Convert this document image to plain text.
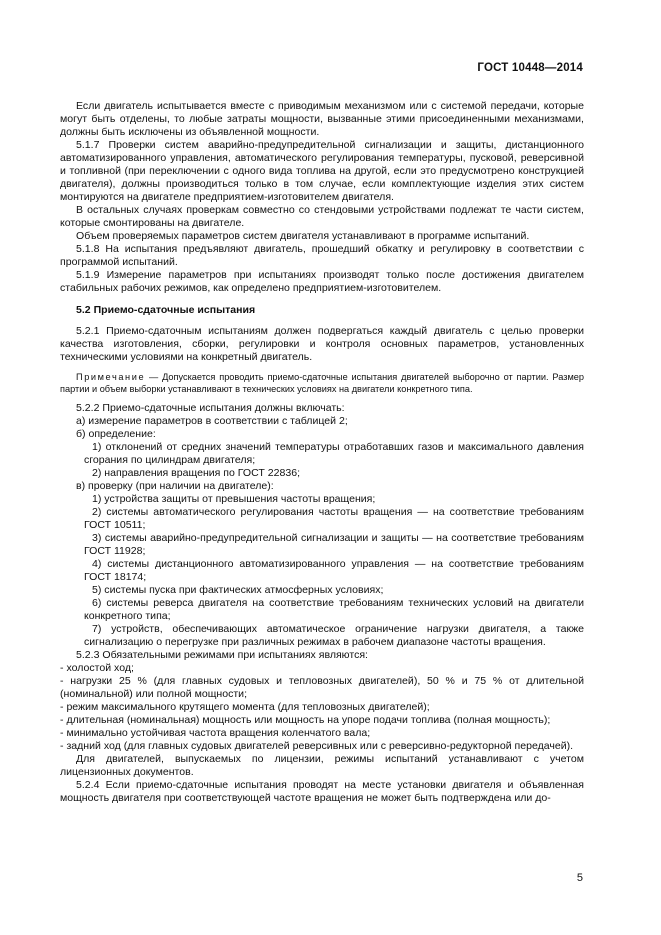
ГОСТ 10448—2014
Если двигатель испытывается вместе с приводимым механизмом или с системой передачи, которые могут быть отделены, то любые затраты мощности, вызванные этими присоединенными механизмами, должны быть исключены из объявленной мощности.
5.1.7 Проверки систем аварийно-предупредительной сигнализации и защиты, дистанционного автоматизированного управления, автоматического регулирования температуры, пусковой, реверсивной и топливной (при переключении с одного вида топлива на другой, если это предусмотрено конструкцией двигателя), должны производиться только в том случае, если комплектующие изделия этих систем монтируются на двигателе предприятием-изготовителем двигателя.
В остальных случаях проверкам совместно со стендовыми устройствами подлежат те части систем, которые смонтированы на двигателе.
Объем проверяемых параметров систем двигателя устанавливают в программе испытаний.
5.1.8 На испытания предъявляют двигатель, прошедший обкатку и регулировку в соответствии с программой испытаний.
5.1.9 Измерение параметров при испытаниях производят только после достижения двигателем стабильных рабочих режимов, как определено предприятием-изготовителем.
5.2 Приемо-сдаточные испытания
5.2.1 Приемо-сдаточным испытаниям должен подвергаться каждый двигатель с целью проверки качества изготовления, сборки, регулировки и контроля основных параметров, установленных техническими условиями на конкретный двигатель.
Примечание — Допускается проводить приемо-сдаточные испытания двигателей выборочно от партии. Размер партии и объем выборки устанавливают в технических условиях на двигатели конкретного типа.
5.2.2 Приемо-сдаточные испытания должны включать:
а) измерение параметров в соответствии с таблицей 2;
б) определение:
1) отклонений от средних значений температуры отработавших газов и максимального давления сгорания по цилиндрам двигателя;
2) направления вращения по ГОСТ 22836;
в) проверку (при наличии на двигателе):
1) устройства защиты от превышения частоты вращения;
2) системы автоматического регулирования частоты вращения — на соответствие требованиям ГОСТ 10511;
3) системы аварийно-предупредительной сигнализации и защиты — на соответствие требованиям ГОСТ 11928;
4) системы дистанционного автоматизированного управления — на соответствие требованиям ГОСТ 18174;
5) системы пуска при фактических атмосферных условиях;
6) системы реверса двигателя на соответствие требованиям технических условий на двигатели конкретного типа;
7) устройств, обеспечивающих автоматическое ограничение нагрузки двигателя, а также сигнализацию о перегрузке при различных режимах в рабочем диапазоне частоты вращения.
5.2.3 Обязательными режимами при испытаниях являются:
- холостой ход;
- нагрузки 25 % (для главных судовых и тепловозных двигателей), 50 % и 75 % от длительной (номинальной) или полной мощности;
- режим максимального крутящего момента (для тепловозных двигателей);
- длительная (номинальная) мощность или мощность на упоре подачи топлива (полная мощность);
- минимально устойчивая частота вращения коленчатого вала;
- задний ход (для главных судовых двигателей реверсивных или с реверсивно-редукторной передачей).
Для двигателей, выпускаемых по лицензии, режимы испытаний устанавливают с учетом лицензионных документов.
5.2.4 Если приемо-сдаточные испытания проводят на месте установки двигателя и объявленная мощность двигателя при соответствующей частоте вращения не может быть подтверждена или до-
5
